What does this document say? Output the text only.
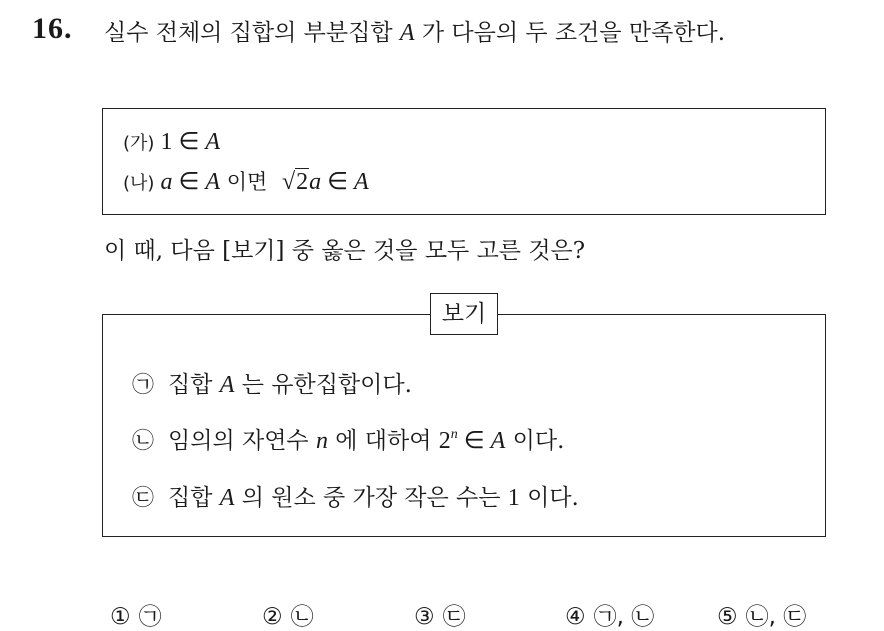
16. 실수 전체의 집합의 부분집합 A 가 다음의 두 조건을 만족한다.
(가) 1 ∈ A
(나) a ∈ A 이면 √2a ∈ A
이 때, 다음 [보기] 중 옳은 것을 모두 고른 것은?
보기
㉠ 집합 A 는 유한집합이다.
㉡ 임의의 자연수 n 에 대하여 2$^n$ ∈ A 이다.
㉢ 집합 A 의 원소 중 가장 작은 수는 1 이다.
① ㉠	② ㉡	③ ㉢	④ ㉠, ㉡	⑤ ㉡, ㉢
